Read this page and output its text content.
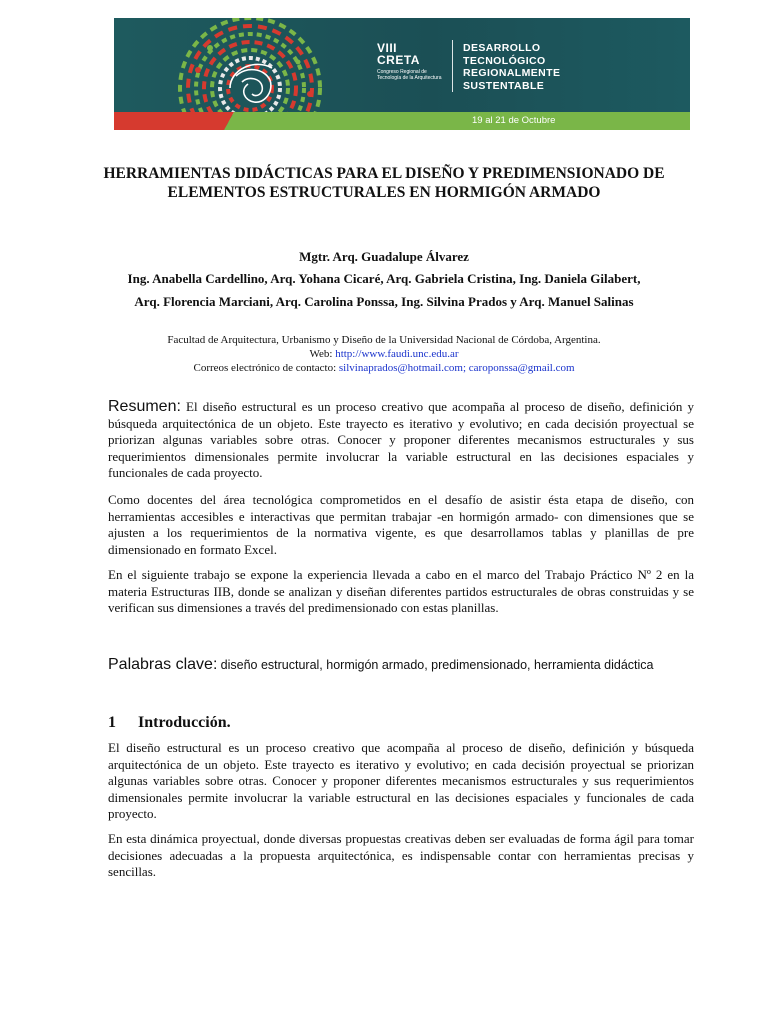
VIII
CRETA
Congreso Regional de Tecnología de la Arquitectura
DESARROLLO
TECNOLÓGICO
REGIONALMENTE
SUSTENTABLE
19 al 21 de Octubre
HERRAMIENTAS DIDÁCTICAS PARA EL DISEÑO Y PREDIMENSIONADO DE ELEMENTOS ESTRUCTURALES EN HORMIGÓN ARMADO
Mgtr. Arq. Guadalupe Álvarez
Ing. Anabella Cardellino, Arq. Yohana Cicaré, Arq. Gabriela Cristina, Ing. Daniela Gilabert, Arq. Florencia Marciani, Arq. Carolina Ponssa, Ing. Silvina Prados y Arq. Manuel Salinas
Facultad de Arquitectura, Urbanismo y Diseño de la Universidad Nacional de Córdoba, Argentina.
Web: http://www.faudi.unc.edu.ar
Correos electrónico de contacto: silvinaprados@hotmail.com; caroponssa@gmail.com

Resumen: El diseño estructural es un proceso creativo que acompaña al proceso de diseño, definición y búsqueda arquitectónica de un objeto. Este trayecto es iterativo y evolutivo; en cada decisión proyectual se priorizan algunas variables sobre otras. Conocer y proponer diferentes mecanismos estructurales y sus requerimientos dimensionales permite involucrar la variable estructural en las decisiones espaciales y funcionales de cada proyecto.

Como docentes del área tecnológica comprometidos en el desafío de asistir ésta etapa de diseño, con herramientas accesibles e interactivas que permitan trabajar -en hormigón armado- con dimensiones que se ajusten a los requerimientos de la normativa vigente, es que desarrollamos tablas y planillas de pre dimensionado en formato Excel.

En el siguiente trabajo se expone la experiencia llevada a cabo en el marco del Trabajo Práctico Nº 2 en la materia Estructuras IIB, donde se analizan y diseñan diferentes partidos estructurales de obras construidas y se verifican sus dimensiones a través del predimensionado con estas planillas.

Palabras clave: diseño estructural, hormigón armado, predimensionado, herramienta didáctica

1 Introducción.

El diseño estructural es un proceso creativo que acompaña al proceso de diseño, definición y búsqueda arquitectónica de un objeto. Este trayecto es iterativo y evolutivo; en cada decisión proyectual se priorizan algunas variables sobre otras. Conocer y proponer diferentes mecanismos estructurales y sus requerimientos dimensionales permite involucrar la variable estructural en las decisiones espaciales y funcionales de cada proyecto.

En esta dinámica proyectual, donde diversas propuestas creativas deben ser evaluadas de forma ágil para tomar decisiones adecuadas a la propuesta arquitectónica, es indispensable contar con herramientas precisas y sencillas.
